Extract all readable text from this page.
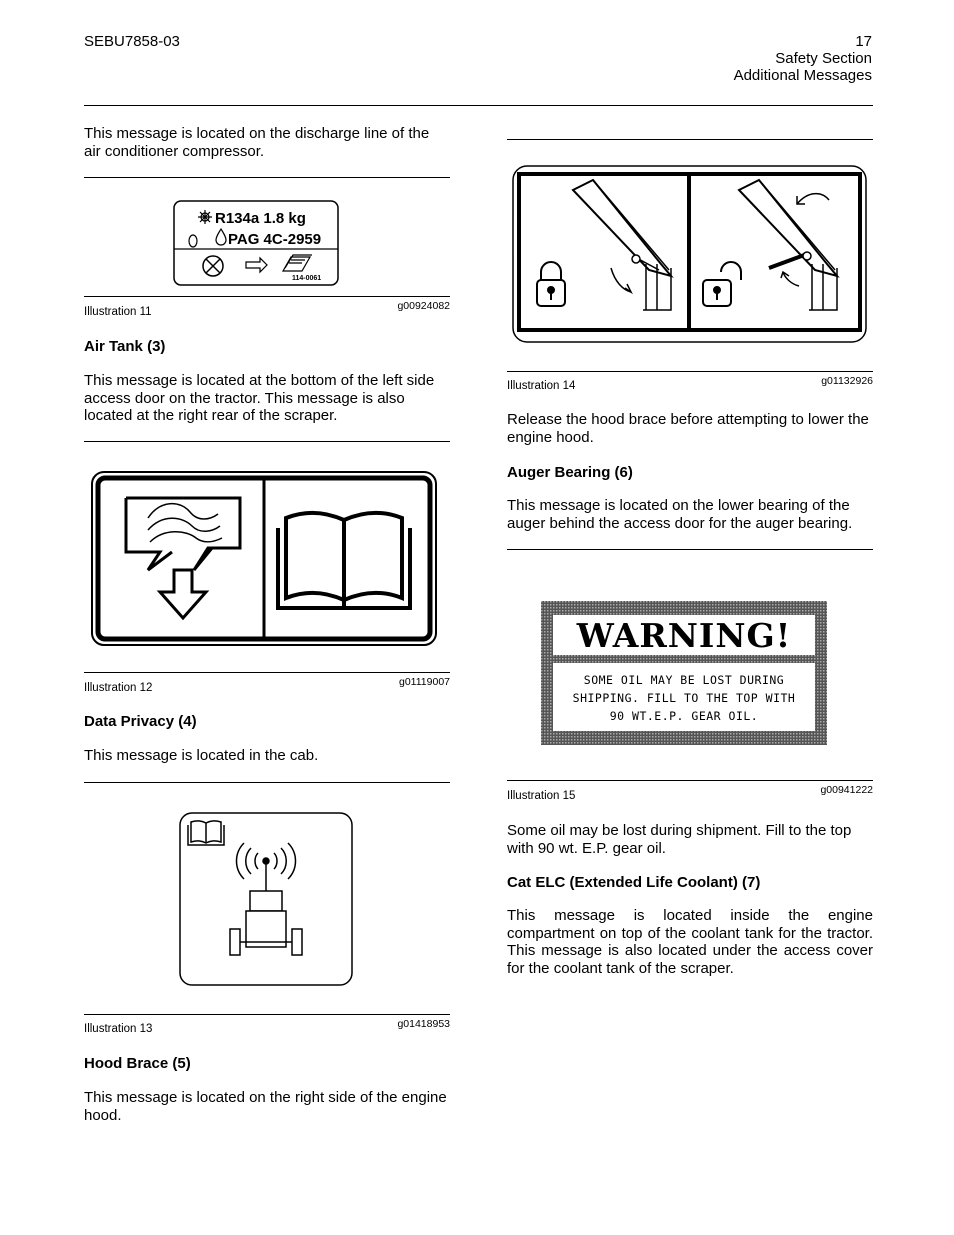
SEBU7858-03	17
Safety Section
Additional Messages
This message is located on the discharge line of the air conditioner compressor.
R134a 1.8 kg
PAG 4C-2959
114-0061
Illustration 11	g00924082
Air Tank (3)
This message is located at the bottom of the left side access door on the tractor. This message is also located at the right rear of the scraper.
Illustration 12	g01119007
Data Privacy (4)
This message is located in the cab.
Illustration 13	g01418953
Hood Brace (5)
This message is located on the right side of the engine hood.
Illustration 14	g01132926
Release the hood brace before attempting to lower the engine hood.
Auger Bearing (6)
This message is located on the lower bearing of the auger behind the access door for the auger bearing.
WARNING!
SOME OIL MAY BE LOST DURING
SHIPPING. FILL TO THE TOP WITH
90 WT.E.P. GEAR OIL.
Illustration 15	g00941222
Some oil may be lost during shipment. Fill to the top with 90 wt. E.P. gear oil.
Cat ELC (Extended Life Coolant) (7)
This message is located inside the engine compartment on top of the coolant tank for the tractor. This message is also located under the access cover for the coolant tank of the scraper.
